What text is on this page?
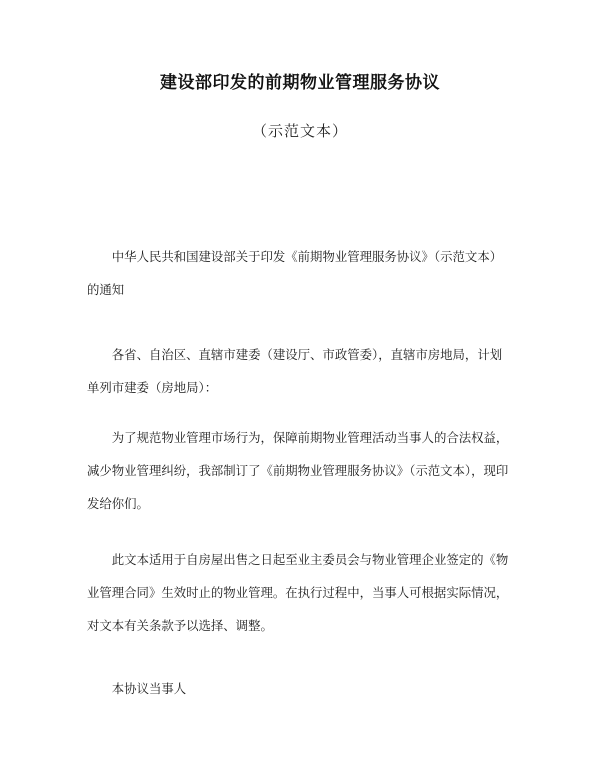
建设部印发的前期物业管理服务协议
（示范文本）
中华人民共和国建设部关于印发《前期物业管理服务协议》（示范文本）的通知
各省、自治区、直辖市建委（建设厅、市政管委），直辖市房地局，计划单列市建委（房地局）：
为了规范物业管理市场行为，保障前期物业管理活动当事人的合法权益，减少物业管理纠纷，我部制订了《前期物业管理服务协议》（示范文本），现印发给你们。
此文本适用于自房屋出售之日起至业主委员会与物业管理企业签定的《物业管理合同》生效时止的物业管理。在执行过程中，当事人可根据实际情况，对文本有关条款予以选择、调整。
本协议当事人
